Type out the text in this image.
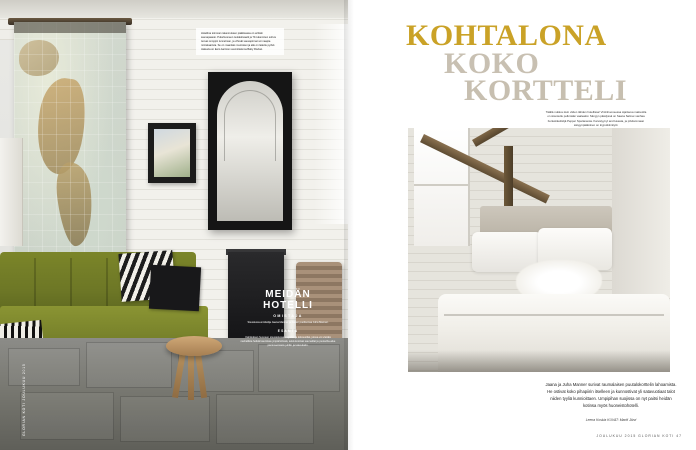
Hotellina toimivan rakennuksen pääkisassa on erittäin saunapaasto. Pukuhuoneen tuulakkivaatti ja 70-tukeminen sohva tuovat remppin tunnelman, ja vihreät sauvapinnat voi naapta miniskaarista. Se on maanlais muotoiset ja alle on laitettu pydvit. Jaksaza on Eero Aarnion suunnittelema Baby Rocket.

MEIDÄN
HOTELLI
OMISTAJA
Sisustussuunnittelija Jaana Manner ja hänen puolisonsa Juha Manner.
ESAMTA
Kahdeksan huoneen sisustetussa majoitus ja kokoustilat, joissa voi viettää rauhallisia hetkiä kauniissa ympäristössä, sekä kotoisat saunatilat ja puutarha-alue pienimuotoisiin juhliin ja kokouksiin.
GLORIAN KOTI JOULUKUU 2015
KOHTALONA
KOKO
KORTTELI
Täältä nukkuu kuin viiden tähden hotellissa! Vintinhuoneessa sijaitseva makuutila on sisustettu pelkmään vaaleaksi. Sängyn päädyssä on Saana Salmer-vanhaa burlestikeittiöjä Pepper Spartanesta. Karvatyynyt and Heasta, ja pitvilammaan sängynpäätöinen on kryputkiimtiytti.
Jaana ja Juha Manner surivat raumalaisen puutalokorttelin lahoamista. He ostivat koko pihapiirin itselleen ja kunnostivat yli satavuotiaat talot niiden tyyliä kunnioittaen. Umpipihan suojissa on nyt paitsi heidän kotinsa myös huoneistohotelli.
Leena Koskia KUVAT: Martti Järvi
JOULUKUU 2015 GLORIAN KOTI 47
